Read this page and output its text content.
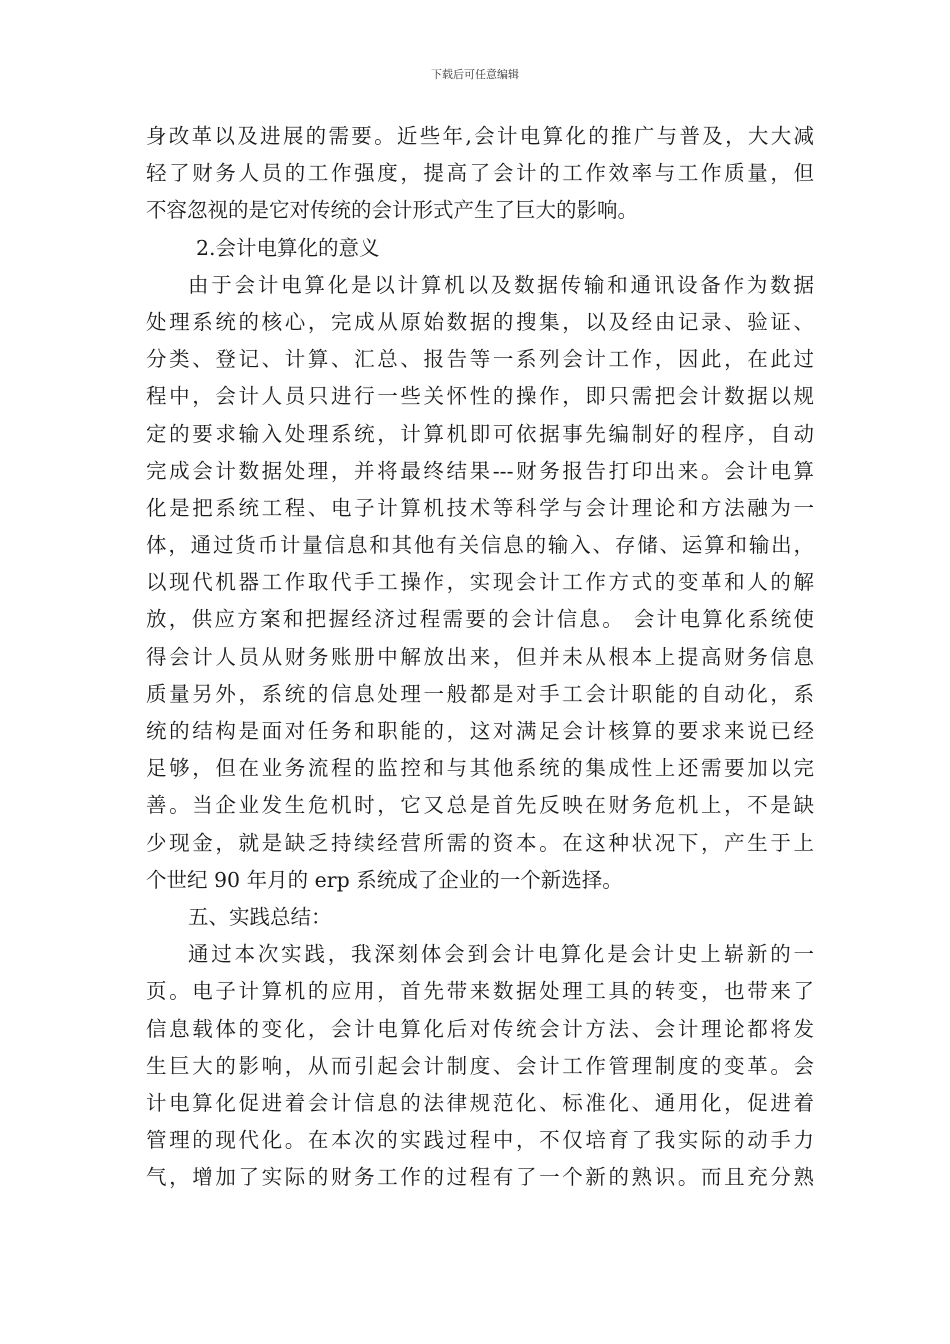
下载后可任意编辑
身改革以及进展的需要。近些年,会计电算化的推广与普及，大大减
轻了财务人员的工作强度，提高了会计的工作效率与工作质量，但
不容忽视的是它对传统的会计形式产生了巨大的影响。
2.会计电算化的意义
由于会计电算化是以计算机以及数据传输和通讯设备作为数据
处理系统的核心，完成从原始数据的搜集，以及经由记录、验证、
分类、登记、计算、汇总、报告等一系列会计工作，因此，在此过
程中，会计人员只进行一些关怀性的操作，即只需把会计数据以规
定的要求输入处理系统，计算机即可依据事先编制好的程序，自动
完成会计数据处理，并将最终结果---财务报告打印出来。会计电算
化是把系统工程、电子计算机技术等科学与会计理论和方法融为一
体，通过货币计量信息和其他有关信息的输入、存储、运算和输出，
以现代机器工作取代手工操作，实现会计工作方式的变革和人的解
放，供应方案和把握经济过程需要的会计信息。 会计电算化系统使
得会计人员从财务账册中解放出来，但并未从根本上提高财务信息
质量另外，系统的信息处理一般都是对手工会计职能的自动化，系
统的结构是面对任务和职能的，这对满足会计核算的要求来说已经
足够，但在业务流程的监控和与其他系统的集成性上还需要加以完
善。当企业发生危机时，它又总是首先反映在财务危机上，不是缺
少现金，就是缺乏持续经营所需的资本。在这种状况下，产生于上
个世纪 90 年月的 erp 系统成了企业的一个新选择。
五、实践总结：
通过本次实践，我深刻体会到会计电算化是会计史上崭新的一
页。电子计算机的应用，首先带来数据处理工具的转变，也带来了
信息载体的变化，会计电算化后对传统会计方法、会计理论都将发
生巨大的影响，从而引起会计制度、会计工作管理制度的变革。会
计电算化促进着会计信息的法律规范化、标准化、通用化，促进着
管理的现代化。在本次的实践过程中，不仅培育了我实际的动手力
气，增加了实际的财务工作的过程有了一个新的熟识。而且充分熟
